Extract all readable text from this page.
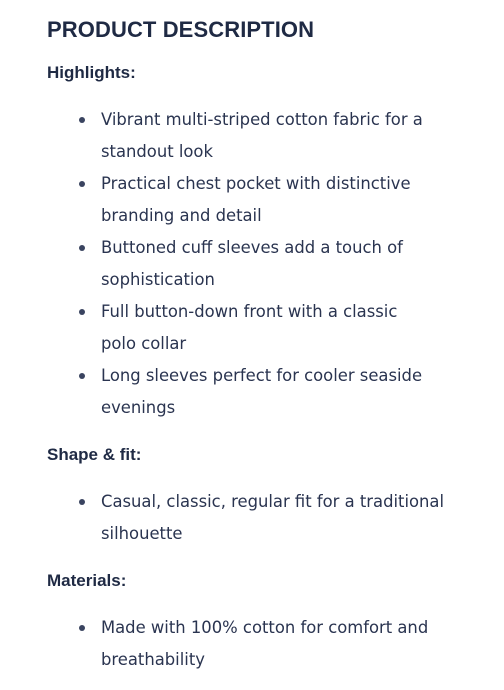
PRODUCT DESCRIPTION
Highlights:
Vibrant multi-striped cotton fabric for a standout look
Practical chest pocket with distinctive branding and detail
Buttoned cuff sleeves add a touch of sophistication
Full button-down front with a classic polo collar
Long sleeves perfect for cooler seaside evenings
Shape & fit:
Casual, classic, regular fit for a traditional silhouette
Materials:
Made with 100% cotton for comfort and breathability
